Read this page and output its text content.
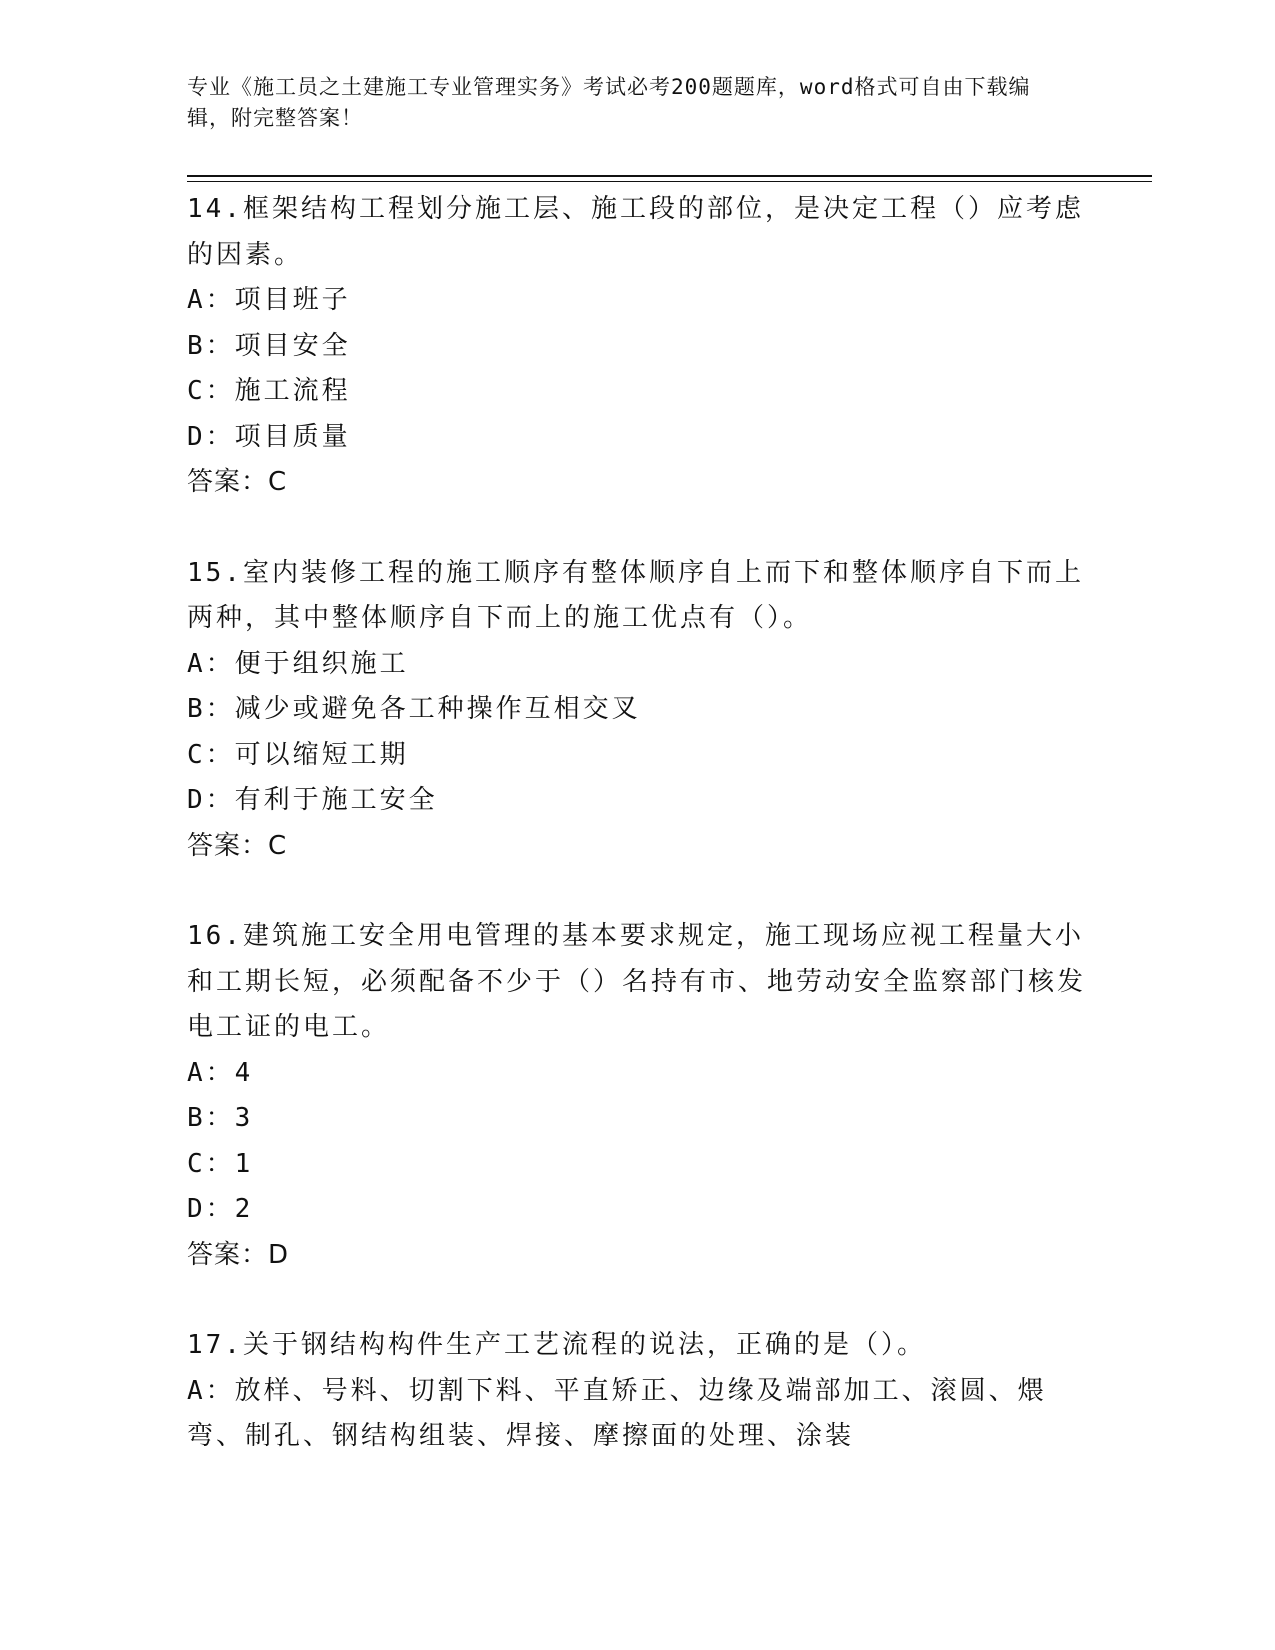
专业《施工员之土建施工专业管理实务》考试必考200题题库，word格式可自由下载编辑，附完整答案！

14.框架结构工程划分施工层、施工段的部位，是决定工程（）应考虑的因素。

A：项目班子

B：项目安全

C：施工流程

D：项目质量

答案：C

15.室内装修工程的施工顺序有整体顺序自上而下和整体顺序自下而上两种，其中整体顺序自下而上的施工优点有（）。

A：便于组织施工

B：减少或避免各工种操作互相交叉

C：可以缩短工期

D：有利于施工安全

答案：C

16.建筑施工安全用电管理的基本要求规定，施工现场应视工程量大小和工期长短，必须配备不少于（）名持有市、地劳动安全监察部门核发电工证的电工。

A：4

B：3

C：1

D：2

答案：D

17.关于钢结构构件生产工艺流程的说法，正确的是（）。

A：放样、号料、切割下料、平直矫正、边缘及端部加工、滚圆、煨弯、制孔、钢结构组装、焊接、摩擦面的处理、涂装
